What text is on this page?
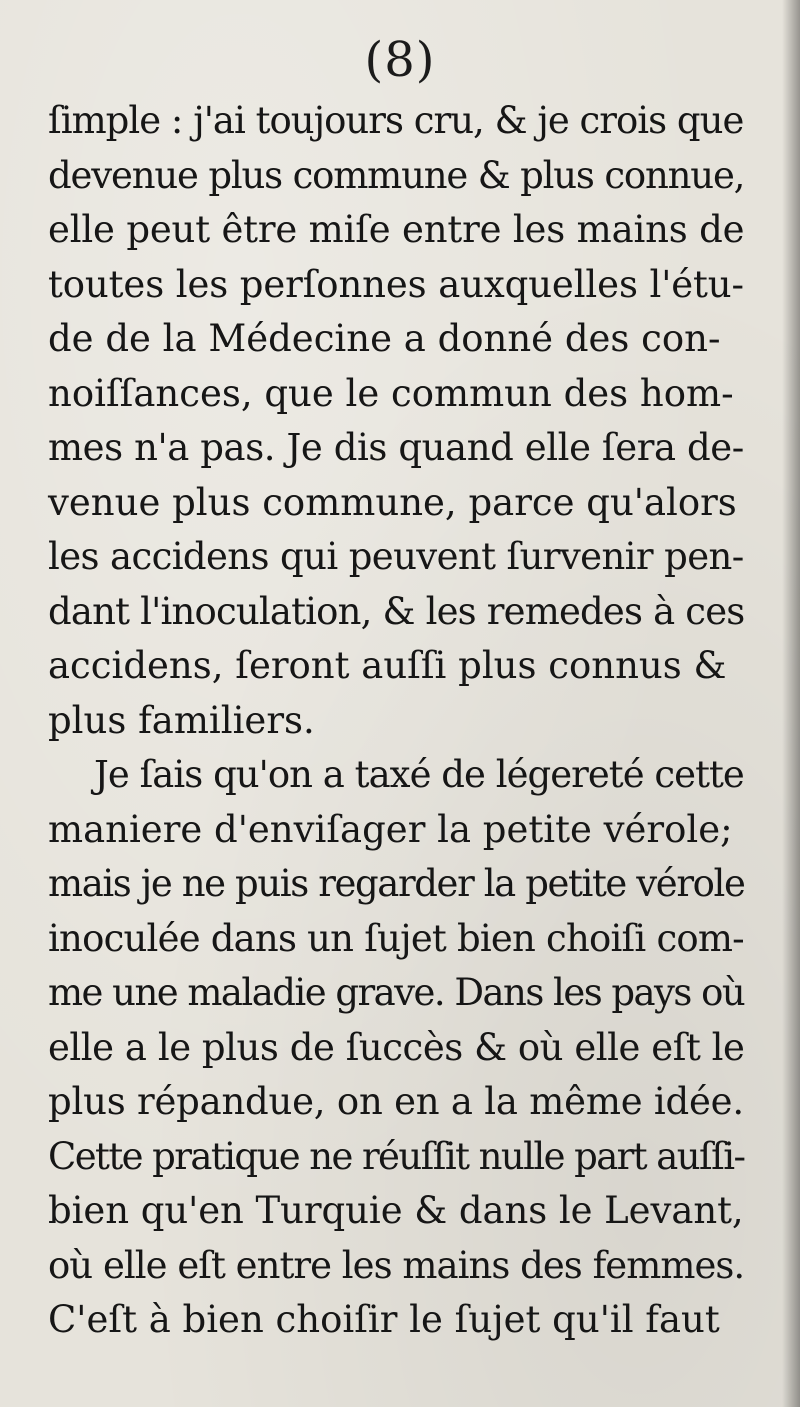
(8)
ſimple : j'ai toujours cru, & je crois que
devenue plus commune & plus connue,
elle peut être miſe entre les mains de
toutes les perſonnes auxquelles l'étu-
de de la Médecine a donné des con-
noiſſances, que le commun des hom-
mes n'a pas. Je dis quand elle ſera de-
venue plus commune, parce qu'alors
les accidens qui peuvent ſurvenir pen-
dant l'inoculation, & les remedes à ces
accidens, ſeront auſſi plus connus &
plus familiers.
Je ſais qu'on a taxé de légereté cette
maniere d'enviſager la petite vérole;
mais je ne puis regarder la petite vérole
inoculée dans un ſujet bien choiſi com-
me une maladie grave. Dans les pays où
elle a le plus de ſuccès & où elle eſt le
plus répandue, on en a la même idée.
Cette pratique ne réuſſit nulle part auſſi-
bien qu'en Turquie & dans le Levant,
où elle eſt entre les mains des femmes.
C'eſt à bien choiſir le ſujet qu'il faut
